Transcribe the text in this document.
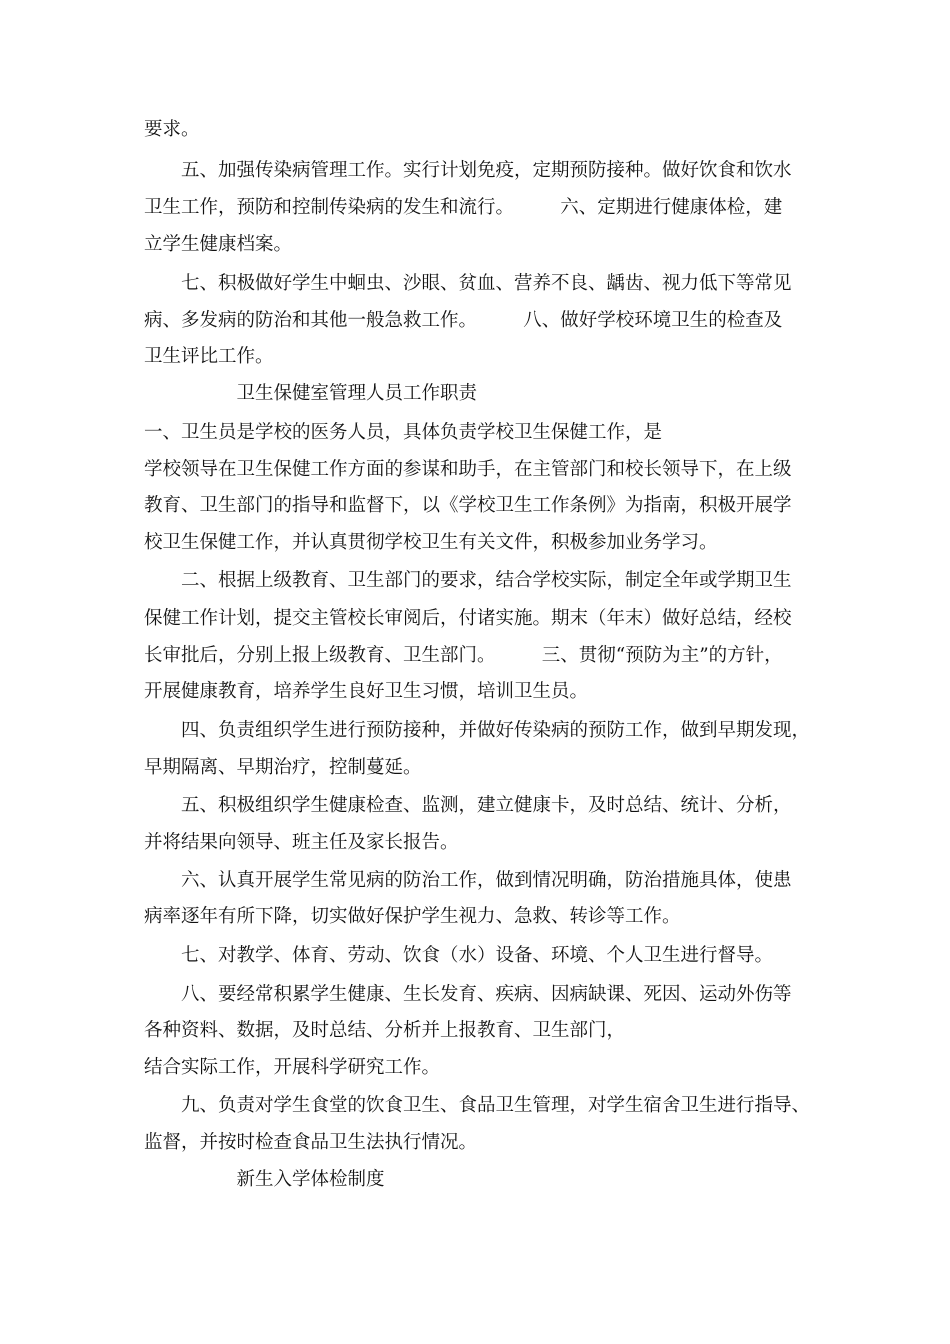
要求。
　　五、加强传染病管理工作。实行计划免疫，定期预防接种。做好饮食和饮水
卫生工作，预防和控制传染病的发生和流行。　　　六、定期进行健康体检，建
立学生健康档案。
　　七、积极做好学生中蛔虫、沙眼、贫血、营养不良、龋齿、视力低下等常见
病、多发病的防治和其他一般急救工作。　　　八、做好学校环境卫生的检查及
卫生评比工作。
　　　　　卫生保健室管理人员工作职责
一、卫生员是学校的医务人员，具体负责学校卫生保健工作，是
学校领导在卫生保健工作方面的参谋和助手，在主管部门和校长领导下，在上级
教育、卫生部门的指导和监督下，以《学校卫生工作条例》为指南，积极开展学
校卫生保健工作，并认真贯彻学校卫生有关文件，积极参加业务学习。
　　二、根据上级教育、卫生部门的要求，结合学校实际，制定全年或学期卫生
保健工作计划，提交主管校长审阅后，付诸实施。期末（年末）做好总结，经校
长审批后，分别上报上级教育、卫生部门。　　　三、贯彻“预防为主”的方针，
开展健康教育，培养学生良好卫生习惯，培训卫生员。
　　四、负责组织学生进行预防接种，并做好传染病的预防工作，做到早期发现，
早期隔离、早期治疗，控制蔓延。
　　五、积极组织学生健康检查、监测，建立健康卡，及时总结、统计、分析，
并将结果向领导、班主任及家长报告。
　　六、认真开展学生常见病的防治工作，做到情况明确，防治措施具体，使患
病率逐年有所下降，切实做好保护学生视力、急救、转诊等工作。
　　七、对教学、体育、劳动、饮食（水）设备、环境、个人卫生进行督导。
　　八、要经常积累学生健康、生长发育、疾病、因病缺课、死因、运动外伤等
各种资料、数据，及时总结、分析并上报教育、卫生部门，
结合实际工作，开展科学研究工作。
　　九、负责对学生食堂的饮食卫生、食品卫生管理，对学生宿舍卫生进行指导、
监督，并按时检查食品卫生法执行情况。
　　　　　新生入学体检制度
